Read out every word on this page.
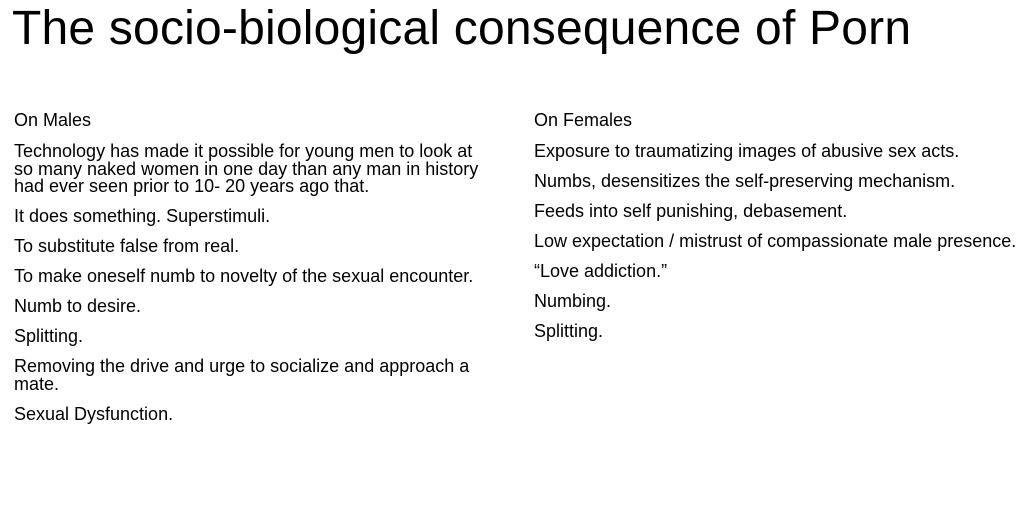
The socio-biological consequence of Porn
On Males
Technology has made it possible for young men to look at so many naked women in one day than any man in history had ever seen prior to 10- 20 years ago that.
It does something. Superstimuli.
To substitute false from real.
To make oneself numb to novelty of the sexual encounter.
Numb to desire.
Splitting.
Removing the drive and urge to socialize and approach a mate.
Sexual Dysfunction.
On Females
Exposure to traumatizing images of abusive sex acts.
Numbs, desensitizes the self-preserving mechanism.
Feeds into self punishing, debasement.
Low expectation / mistrust of compassionate male presence.
“Love addiction.”
Numbing.
Splitting.
